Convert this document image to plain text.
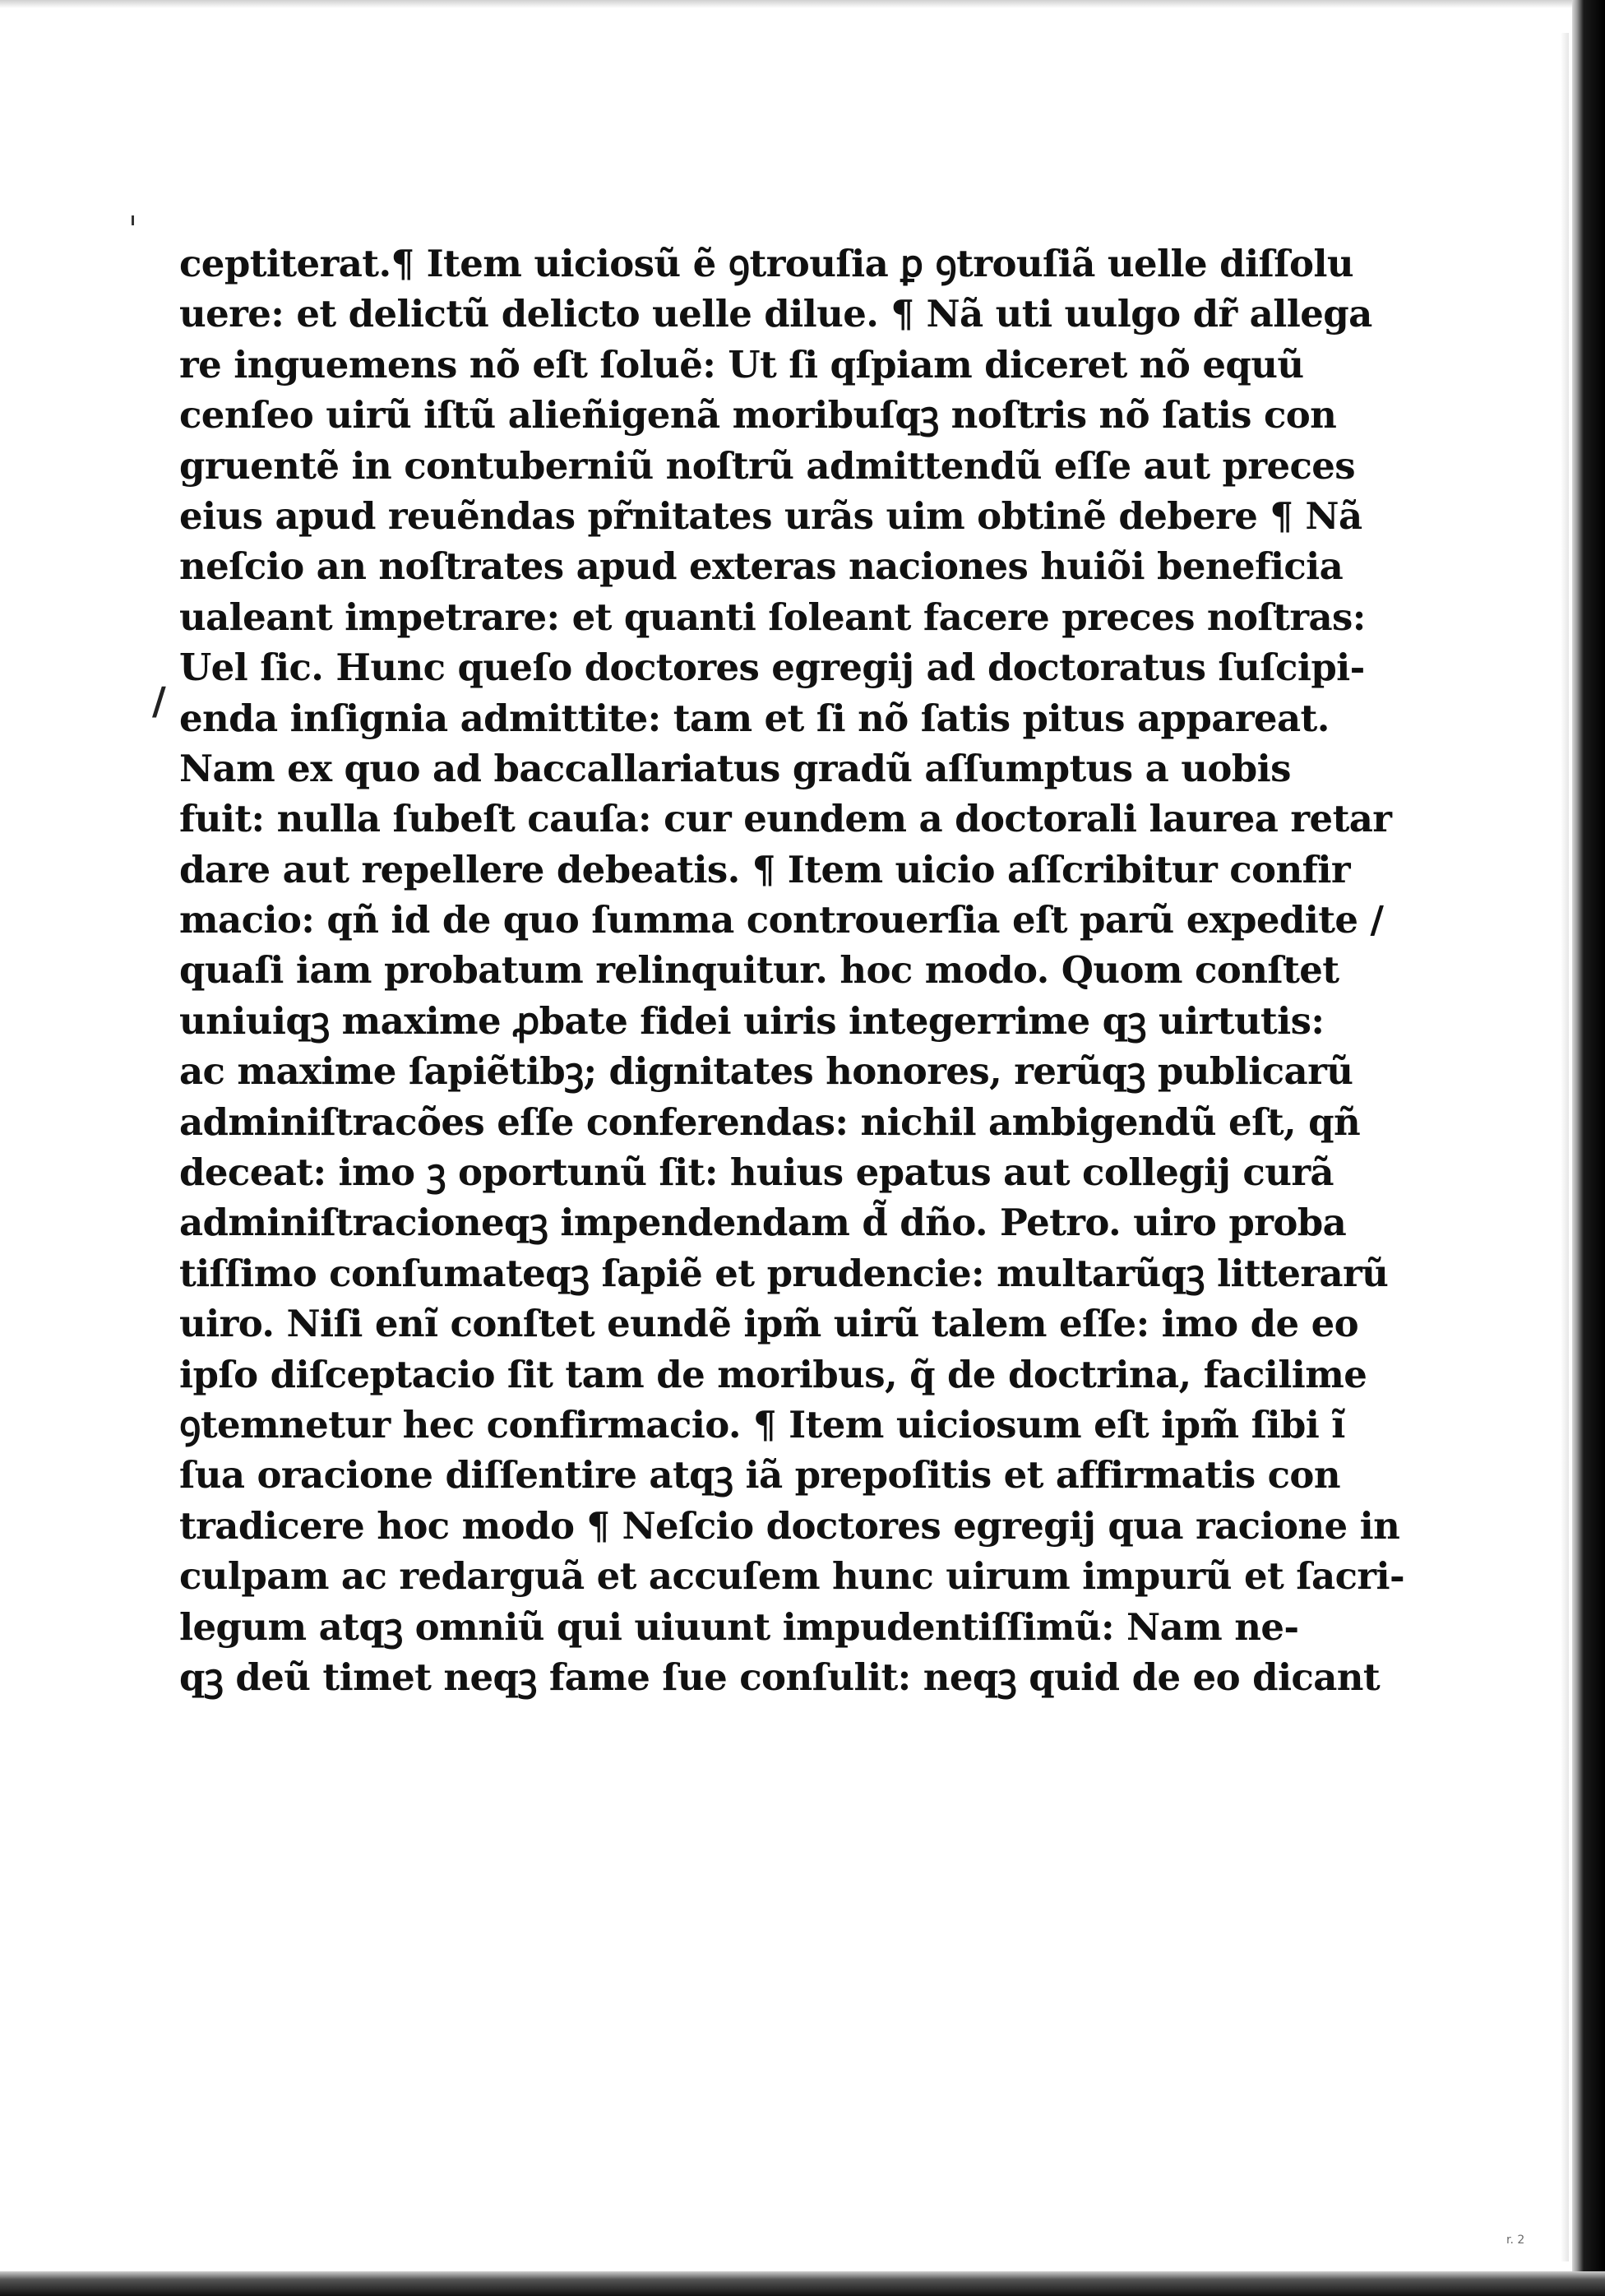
/
ceptiterat.¶ Item uiciosũ ẽ ꝯtrouſia ꝑ ꝯtrouſiã uelle diſſolu
uere: et delictũ delicto uelle dilue. ¶ Nã uti uulgo dr̃ allega
re inguemens nõ eſt ſoluẽ: Ut ſi qſpiam diceret nõ equũ
cenſeo uirũ iſtũ alieñigenã moribuſqꝫ noſtris nõ ſatis con
gruentẽ in contuberniũ noſtrũ admittendũ eſſe aut preces
eius apud reuẽndas pr̃nitates urãs uim obtinẽ debere ¶ Nã
neſcio an noſtrates apud exteras naciones huiõi beneficia
ualeant impetrare: et quanti ſoleant facere preces noſtras:
Uel ſic. Hunc queſo doctores egregij ad doctoratus ſuſcipi-
enda inſignia admittite: tam et ſi nõ ſatis pitus appareat.
Nam ex quo ad baccallariatus gradũ aſſumptus a uobis
fuit: nulla ſubeſt cauſa: cur eundem a doctorali laurea retar
dare aut repellere debeatis. ¶ Item uicio aſſcribitur confir
macio: qñ id de quo ſumma controuerſia eſt parũ expedite /
quaſi iam probatum relinquitur. hoc modo. Quom conſtet
uniuiqꝫ maxime ꝓbate fidei uiris integerrime qꝫ uirtutis:
ac maxime ſapiẽtibꝫ; dignitates honores, rerũqꝫ publicarũ
adminiſtracões eſſe conferendas: nichil ambigendũ eſt, qñ
deceat: imo ꝫ oportunũ ſit: huius epatus aut collegij curã
adminiſtracioneqꝫ impendendam d̃ dño. Petro. uiro proba
tiſſimo conſumateqꝫ ſapiẽ et prudencie: multarũqꝫ litterarũ
uiro. Niſi enĩ conſtet eundẽ ipm̃ uirũ talem eſſe: imo de eo
ipſo diſceptacio ſit tam de moribus, q̃ de doctrina, facilime
ꝯtemnetur hec confirmacio. ¶ Item uiciosum eſt ipm̃ ſibi ĩ
ſua oracione diſſentire atqꝫ iã prepoſitis et affirmatis con
tradicere hoc modo ¶ Neſcio doctores egregij qua racione in
culpam ac redarguã et accuſem hunc uirum impurũ et ſacri-
legum atqꝫ omniũ qui uiuunt impudentiſſimũ: Nam ne-
qꝫ deũ timet neqꝫ fame ſue conſulit: neqꝫ quid de eo dicant
r. 2
